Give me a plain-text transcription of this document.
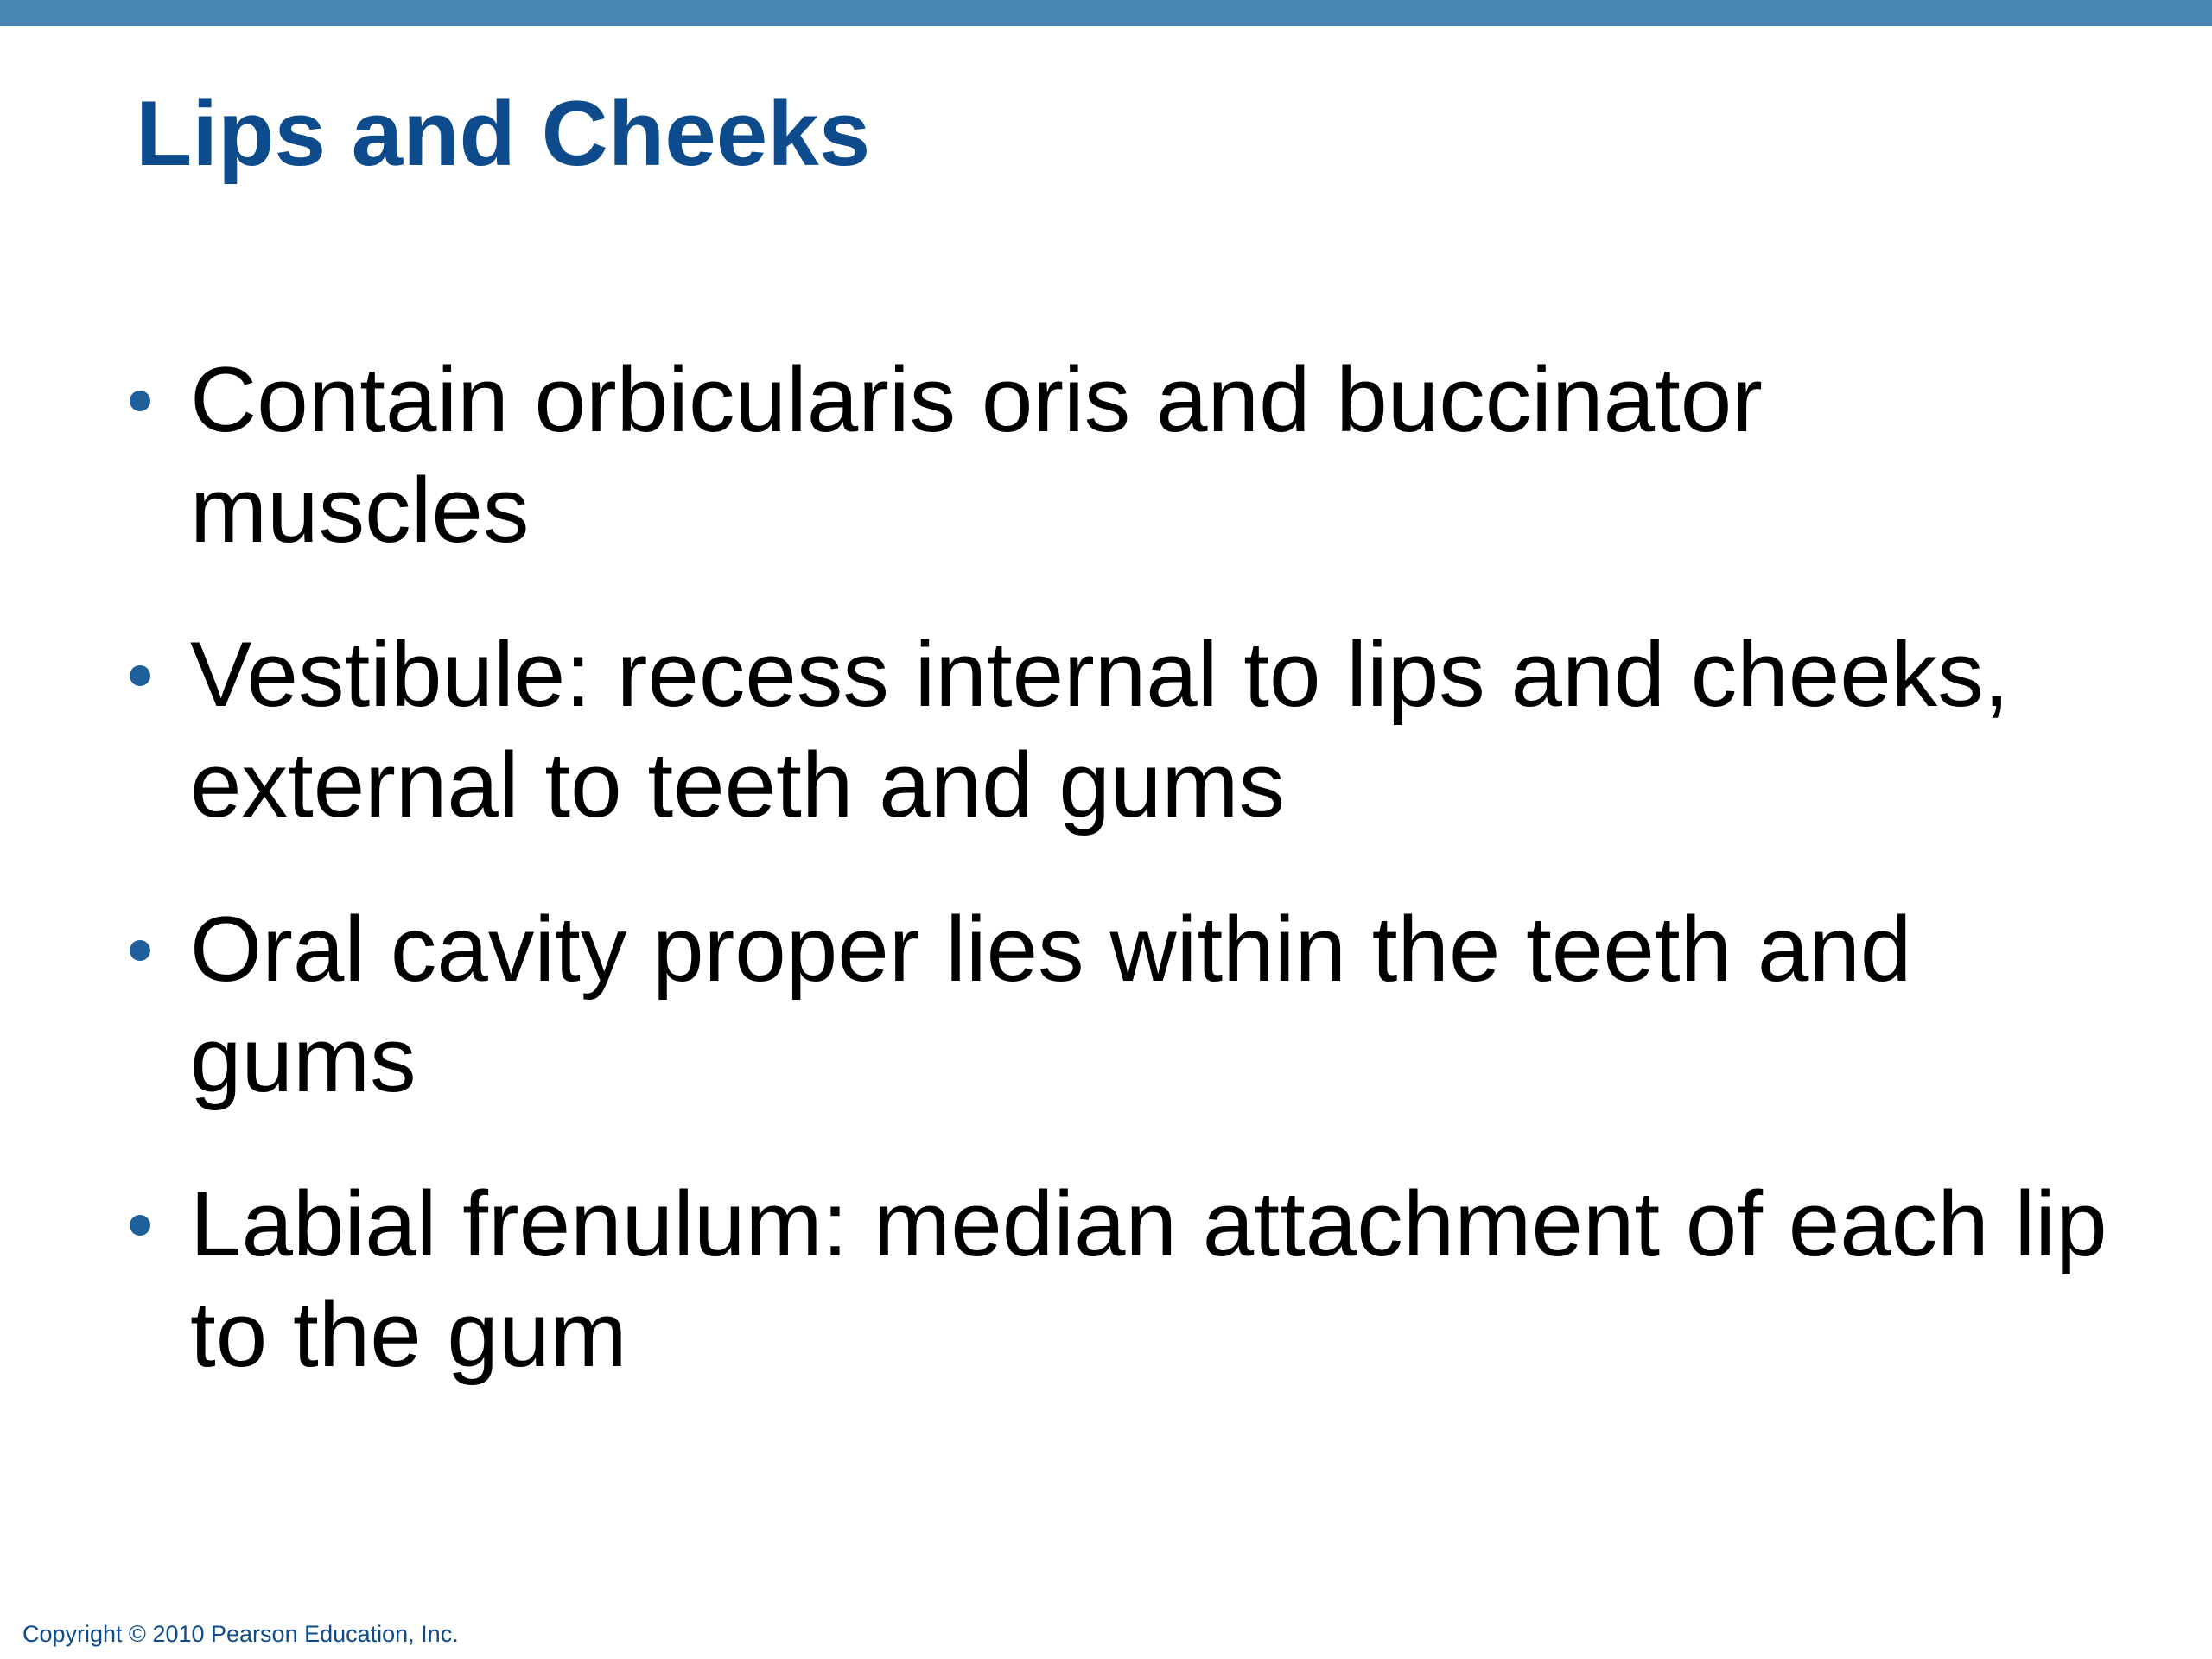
Lips and Cheeks
Contain orbicularis oris and buccinator muscles
Vestibule: recess internal to lips and cheeks, external to teeth and gums
Oral cavity proper lies within the teeth and gums
Labial frenulum: median attachment of each lip to the gum

Copyright © 2010 Pearson Education, Inc.
